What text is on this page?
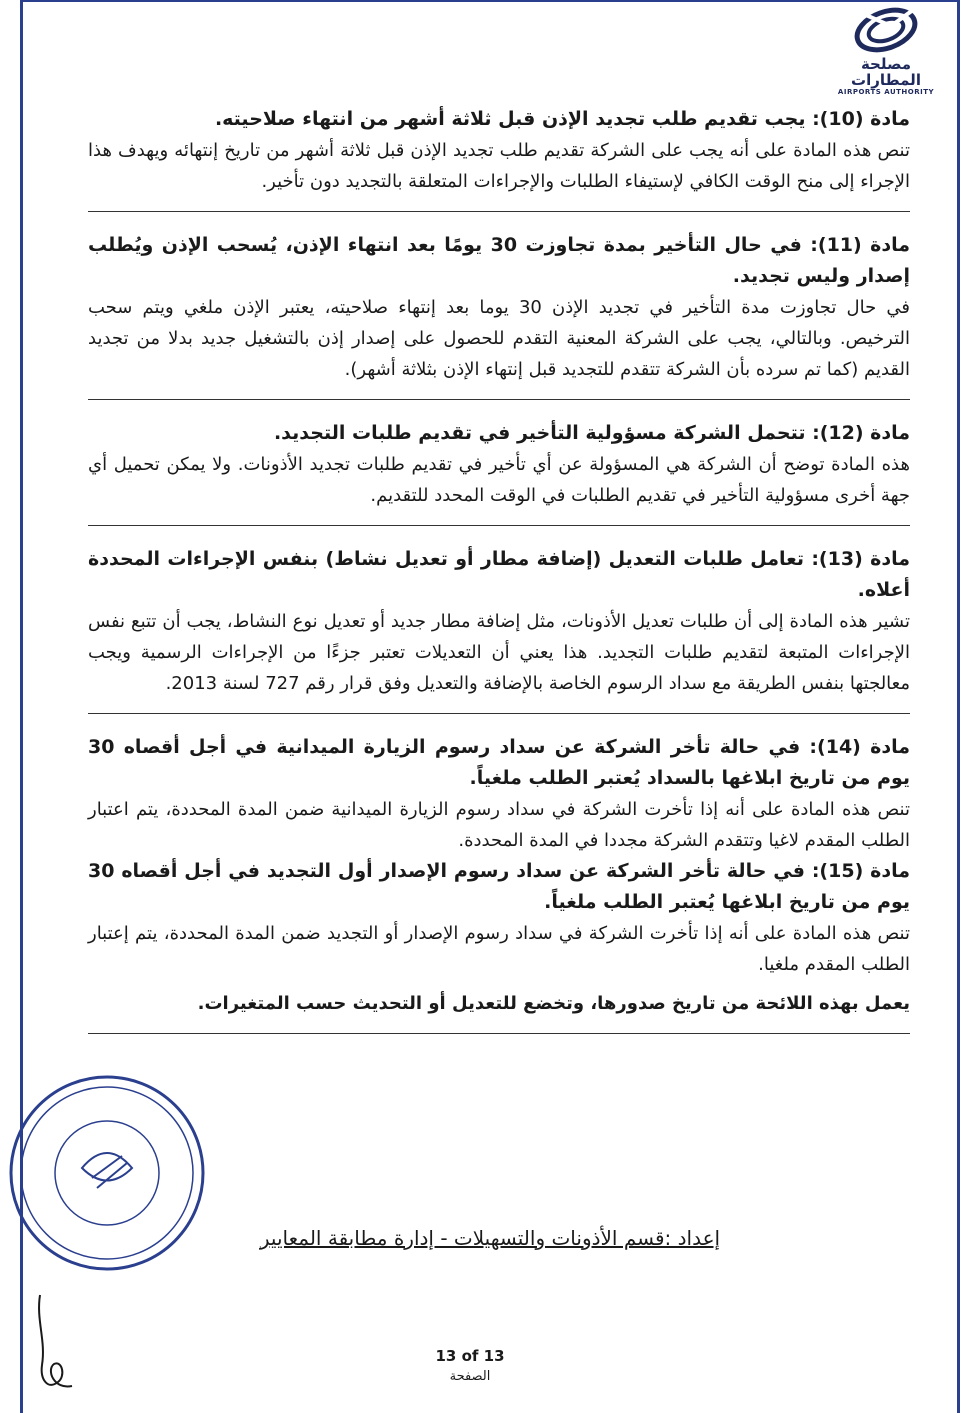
مصلحة المطارات
AIRPORTS AUTHORITY

مادة (10): يجب تقديم طلب تجديد الإذن قبل ثلاثة أشهر من انتهاء صلاحيته.

تنص هذه المادة على أنه يجب على الشركة تقديم طلب تجديد الإذن قبل ثلاثة أشهر من تاريخ إنتهائه ويهدف هذا الإجراء إلى منح الوقت الكافي لإستيفاء الطلبات والإجراءات المتعلقة بالتجديد دون تأخير.

مادة (11): في حال التأخير بمدة تجاوزت 30 يومًا بعد انتهاء الإذن، يُسحب الإذن ويُطلب إصدار وليس تجديد.

في حال تجاوزت مدة التأخير في تجديد الإذن 30 يوما بعد إنتهاء صلاحيته، يعتبر الإذن ملغي ويتم سحب الترخيص. وبالتالي، يجب على الشركة المعنية التقدم للحصول على إصدار إذن بالتشغيل جديد بدلا من تجديد القديم (كما تم سرده بأن الشركة تتقدم للتجديد قبل إنتهاء الإذن بثلاثة أشهر).

مادة (12): تتحمل الشركة مسؤولية التأخير في تقديم طلبات التجديد.

هذه المادة توضح أن الشركة هي المسؤولة عن أي تأخير في تقديم طلبات تجديد الأذونات. ولا يمكن تحميل أي جهة أخرى مسؤولية التأخير في تقديم الطلبات في الوقت المحدد للتقديم.

مادة (13): تعامل طلبات التعديل (إضافة مطار أو تعديل نشاط) بنفس الإجراءات المحددة أعلاه.

تشير هذه المادة إلى أن طلبات تعديل الأذونات، مثل إضافة مطار جديد أو تعديل نوع النشاط، يجب أن تتبع نفس الإجراءات المتبعة لتقديم طلبات التجديد. هذا يعني أن التعديلات تعتبر جزءًا من الإجراءات الرسمية ويجب معالجتها بنفس الطريقة مع سداد الرسوم الخاصة بالإضافة والتعديل وفق قرار رقم 727 لسنة 2013.

مادة (14): في حالة تأخر الشركة عن سداد رسوم الزيارة الميدانية في أجل أقصاه 30 يوم من تاريخ ابلاغها بالسداد يُعتبر الطلب ملغياً.

تنص هذه المادة على أنه إذا تأخرت الشركة في سداد رسوم الزيارة الميدانية ضمن المدة المحددة، يتم اعتبار الطلب المقدم لاغيا وتتقدم الشركة مجددا في المدة المحددة.

مادة (15): في حالة تأخر الشركة عن سداد رسوم الإصدار أول التجديد في أجل أقصاه 30 يوم من تاريخ ابلاغها يُعتبر الطلب ملغياً.

تنص هذه المادة على أنه إذا تأخرت الشركة في سداد رسوم الإصدار أو التجديد ضمن المدة المحددة، يتم إعتبار الطلب المقدم ملغيا.

يعمل بهذه اللائحة من تاريخ صدورها، وتخضع للتعديل أو التحديث حسب المتغيرات.

إعداد :قسم الأذونات والتسهيلات - إدارة مطابقة المعايير
13 of 13
الصفحة
